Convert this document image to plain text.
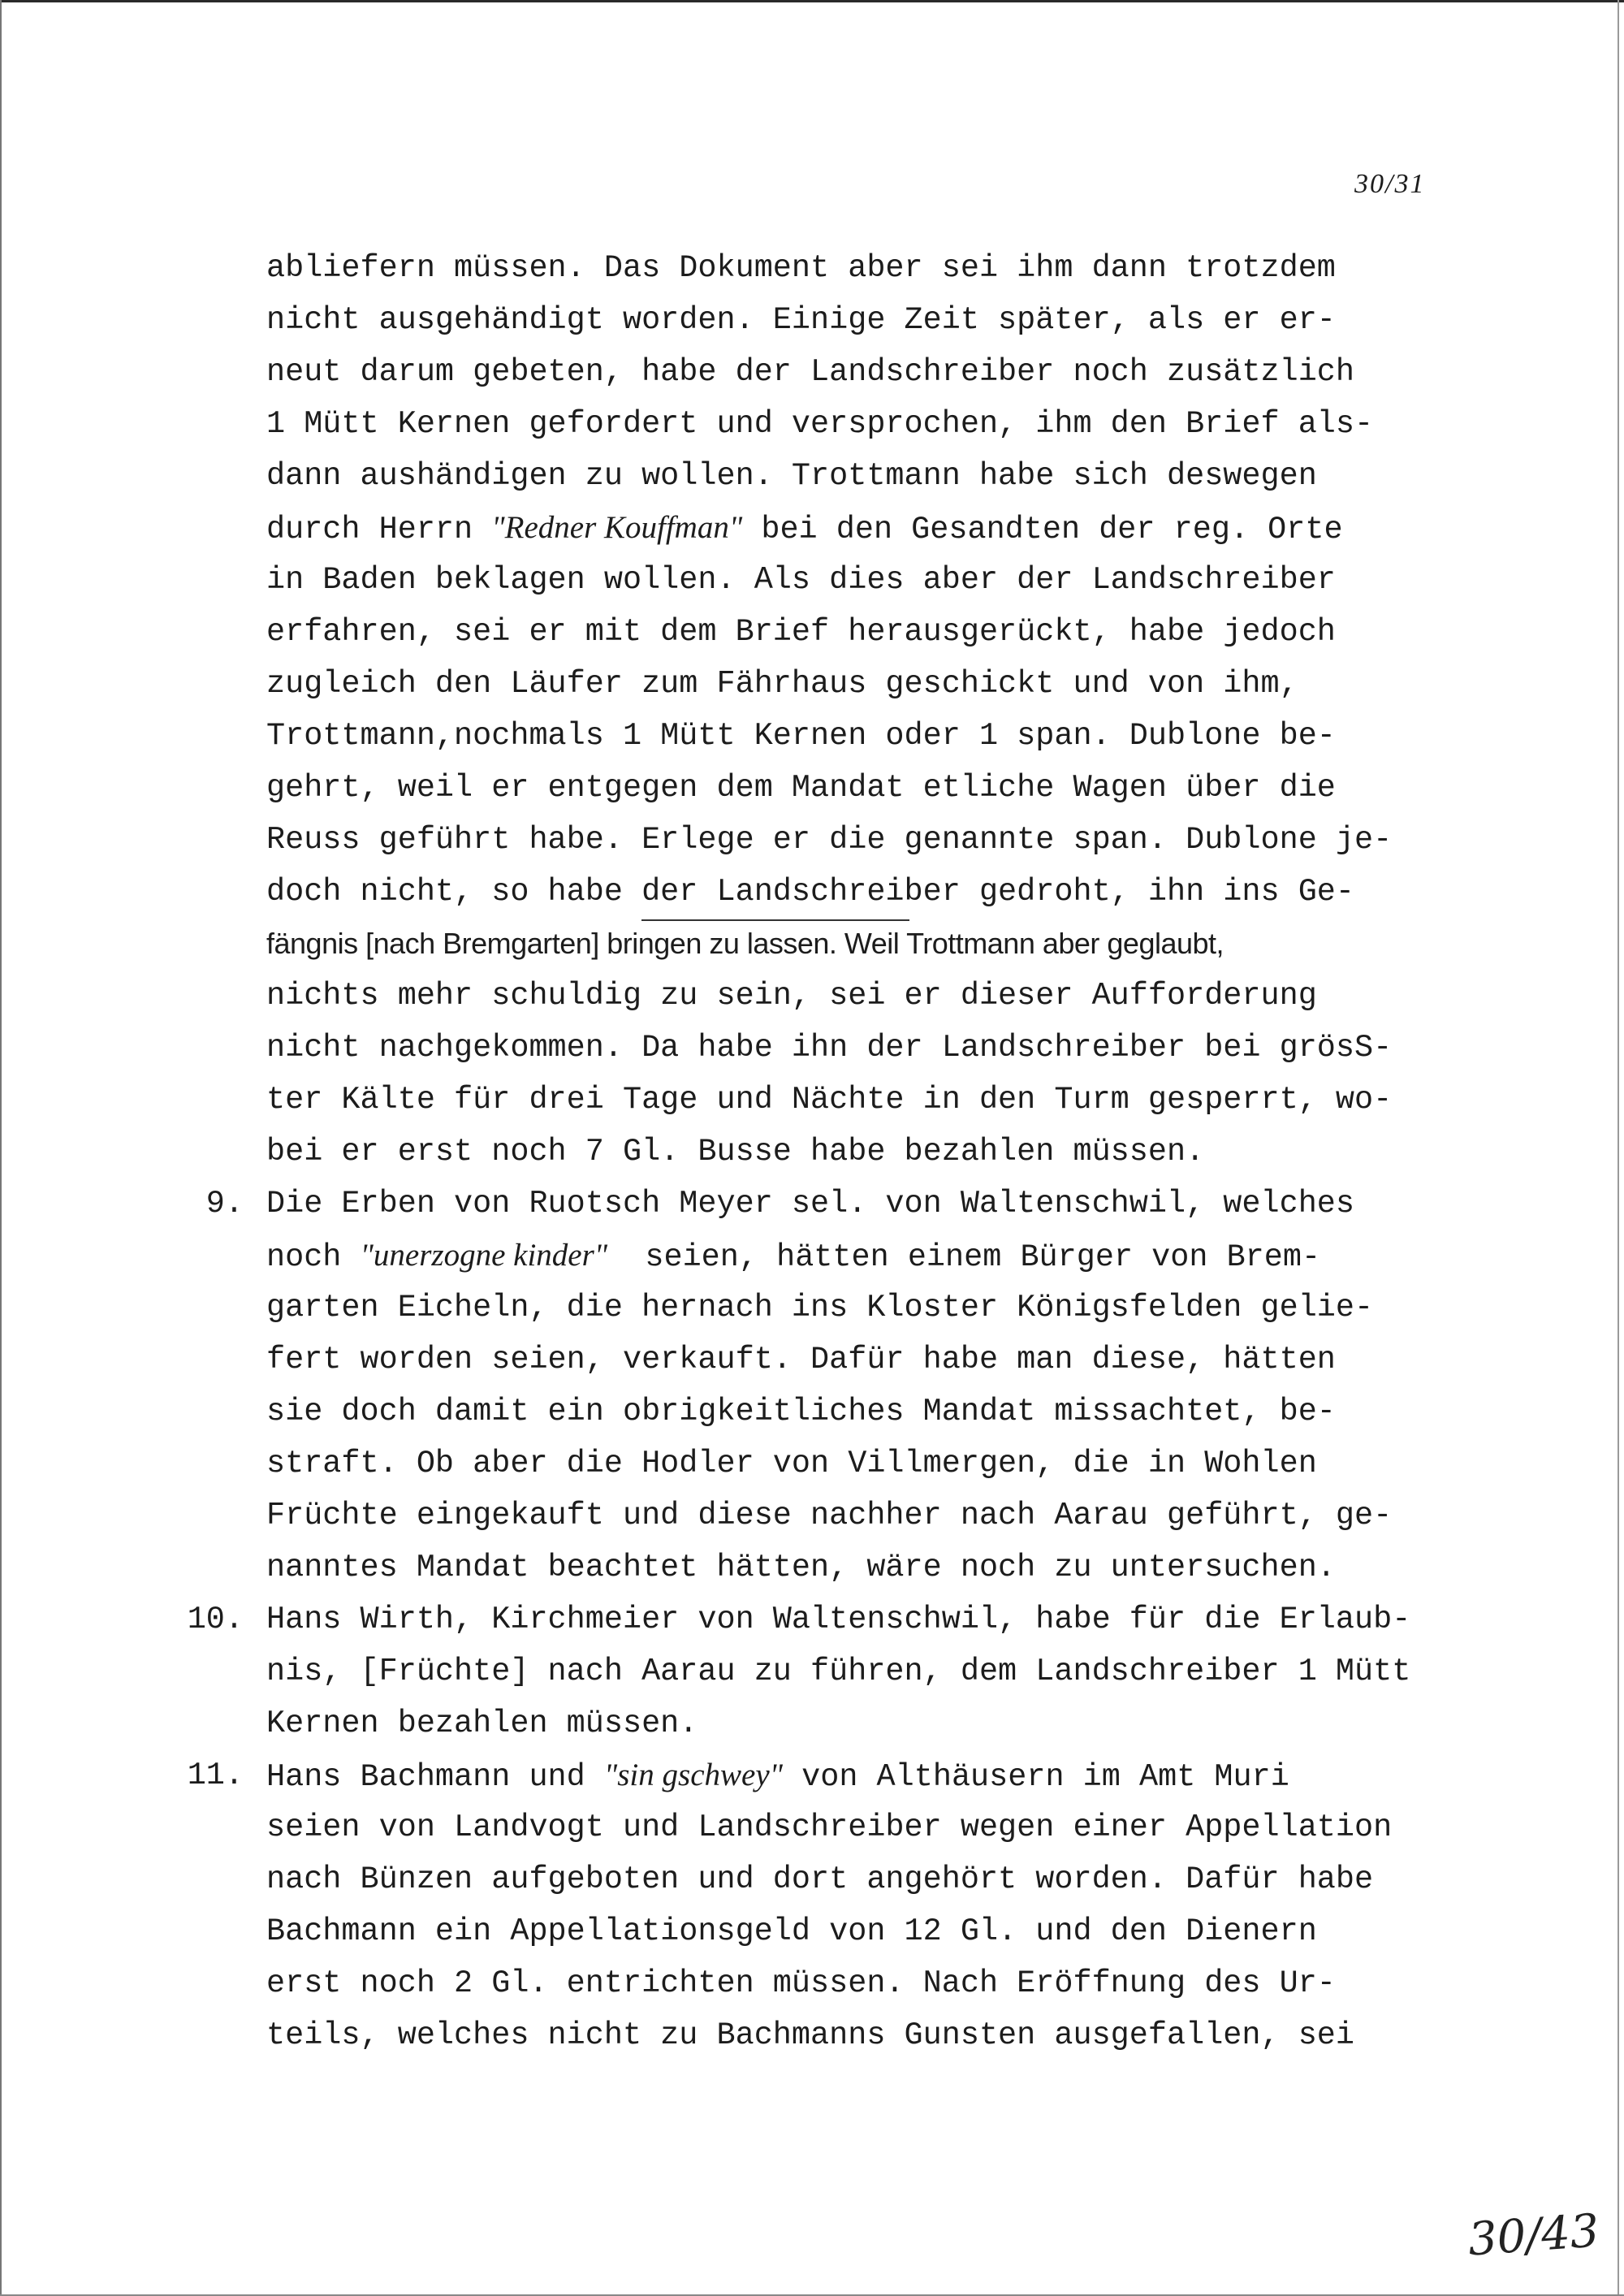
30/31
abliefern müssen. Das Dokument aber sei ihm dann trotzdem
nicht ausgehändigt worden. Einige Zeit später, als er er-
neut darum gebeten, habe der Landschreiber noch zusätzlich
1 Mütt Kernen gefordert und versprochen, ihm den Brief als-
dann aushändigen zu wollen. Trottmann habe sich deswegen
durch Herrn "Redner Kouffman" bei den Gesandten der reg. Orte
in Baden beklagen wollen. Als dies aber der Landschreiber
erfahren, sei er mit dem Brief herausgerückt, habe jedoch
zugleich den Läufer zum Fährhaus geschickt und von ihm,
Trottmann,nochmals 1 Mütt Kernen oder 1 span. Dublone be-
gehrt, weil er entgegen dem Mandat etliche Wagen über die
Reuss geführt habe. Erlege er die genannte span. Dublone je-
doch nicht, so habe der Landschreiber gedroht, ihn ins Ge-
fängnis [nach Bremgarten] bringen zu lassen. Weil Trottmann aber geglaubt,
nichts mehr schuldig zu sein, sei er dieser Aufforderung
nicht nachgekommen. Da habe ihn der Landschreiber bei grösS-
ter Kälte für drei Tage und Nächte in den Turm gesperrt, wo-
bei er erst noch 7 Gl. Busse habe bezahlen müssen.
9. Die Erben von Ruotsch Meyer sel. von Waltenschwil, welches
noch "unerzogne kinder"  seien, hätten einem Bürger von Brem-
garten Eicheln, die hernach ins Kloster Königsfelden gelie-
fert worden seien, verkauft. Dafür habe man diese, hätten
sie doch damit ein obrigkeitliches Mandat missachtet, be-
straft. Ob aber die Hodler von Villmergen, die in Wohlen
Früchte eingekauft und diese nachher nach Aarau geführt, ge-
nanntes Mandat beachtet hätten, wäre noch zu untersuchen.
10. Hans Wirth, Kirchmeier von Waltenschwil, habe für die Erlaub-
nis, [Früchte] nach Aarau zu führen, dem Landschreiber 1 Mütt
Kernen bezahlen müssen.
11. Hans Bachmann und "sin gschwey" von Althäusern im Amt Muri
seien von Landvogt und Landschreiber wegen einer Appellation
nach Bünzen aufgeboten und dort angehört worden. Dafür habe
Bachmann ein Appellationsgeld von 12 Gl. und den Dienern
erst noch 2 Gl. entrichten müssen. Nach Eröffnung des Ur-
teils, welches nicht zu Bachmanns Gunsten ausgefallen, sei
30/43
